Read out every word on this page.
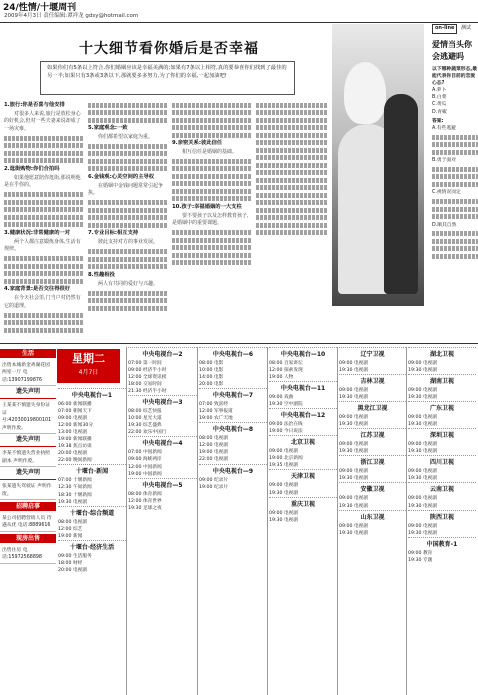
24/性情/十堰周刊
2009年4月3日 责任编辑:谭祥龙 gdsy@hotmail.com
十大细节看你婚后是否幸福
如果你们有5条以上符合,你们婚姻应该是幸福美满的;如果有7条以上相符,真的要恭喜你们找到了最佳的另一半;如果只有3条或3条以下,那就要多多努力,为了你们的幸福,一起加油吧!
1.旅行:你是否喜与他安排

对很多人来说,旅行是放松身心的好机会,但对一些夫妻来说却成了一场灾难。

2.逛街购物:你们合拍吗

如果他愿意陪你逛街,那说明他是在乎你的。

3.健康状况:非常健康的一对

两个人都注意锻炼身体,生活有规律。

4.家庭背景:是否交往得很好

在今天社会里,门当户对仍然有它的道理。

5.家庭观念:一致

你们都希望以家庭为重。

6.金钱观:心灵空间的主导权

在婚姻中金钱问题常常引起争执。

7.专业目标:相互支持

彼此支持对方的事业发展。

8.性趣相投

两人有共同的爱好与兴趣。

9.亲密关系:彼此信任

相互信任是婚姻的基础。

10.孩子:幸福婚姻的一大支柱

要不要孩子以及怎样教育孩子,是婚姻中的重要课题。

on-line 测试
爱情当头你会逃避吗
以下哪种蔬菜形态,最能代表你目前的恋爱心态?
A.萝卜
B.白菜
C.黄瓜
D.青椒
答案:
A.有些逃避
B.勇于面对
C.视情况而定
D.顺其自然
生活
出售本城新金鸡湖花园两室一厅 电话:13907199876
遗失声明
王某某不慎遗失身份证 证号:42030019800101 声明作废。
遗失声明
李某不慎遗失营业执照副本 声明作废。
遗失声明
张某遗失驾驶证 声明作废。
招聘启事
某公司招聘营销人员 待遇从优 电话:8889616
现房出售
出售住房 电话:15972568898
星期二
4月7日
中央电视台—1
06:00 新闻联播
07:00 朝闻天下
09:00 电视剧
12:00 新闻30分
13:00 电视剧
19:00 新闻联播
19:38 焦点访谈
20:00 电视剧
22:00 晚间新闻
十堰台·新闻
07:00 十堰新闻
12:30 午间新闻
18:30 十堰新闻
19:30 电视剧
十堰台·综合频道
08:00 电视剧
12:00 综艺
19:00 新闻
十堰台·经济生活
09:00 生活服务
18:00 财经
20:00 电视剧
中央电视台—2
07:00 第一时间
09:00 经济半小时
12:00 全球资讯榜
18:00 交易时间
21:30 经济半小时
中央电视台—3
08:00 综艺快报
10:00 星光大道
19:30 综艺盛典
22:00 欢乐中国行
中央电视台—4
07:00 中国新闻
09:00 海峡两岸
12:00 中国新闻
19:00 中国新闻
中央电视台—5
08:00 体育新闻
12:00 体育世界
19:30 足球之夜
中央电视台—6
08:00 电影
10:00 电影
14:00 电影
20:00 电影
中央电视台—7
07:00 致富经
12:00 军事报道
19:00 农广天地
中央电视台—8
08:00 电视剧
12:00 电视剧
19:00 电视剧
22:00 电视剧
中央电视台—9
09:00 纪录片
19:00 纪录片
中央电视台—10
08:00 百家讲坛
12:00 探索发现
19:00 人物
中央电视台—11
09:00 戏曲
19:30 空中剧院
中央电视台—12
09:00 法治在线
19:00 今日说法
北京卫视
09:00 电视剧
19:00 北京新闻
19:35 电视剧
天津卫视
09:00 电视剧
19:30 电视剧
重庆卫视
09:00 电视剧
19:30 电视剧
辽宁卫视
09:00 电视剧
19:30 电视剧
吉林卫视
09:00 电视剧
19:30 电视剧
黑龙江卫视
09:00 电视剧
19:30 电视剧
江苏卫视
09:00 电视剧
19:30 电视剧
浙江卫视
09:00 电视剧
19:30 电视剧
安徽卫视
09:00 电视剧
19:30 电视剧
山东卫视
09:00 电视剧
19:30 电视剧
湖北卫视
09:00 电视剧
19:30 电视剧
湖南卫视
09:00 电视剧
19:30 电视剧
广东卫视
09:00 电视剧
19:30 电视剧
深圳卫视
09:00 电视剧
19:30 电视剧
四川卫视
09:00 电视剧
19:30 电视剧
云南卫视
09:00 电视剧
19:30 电视剧
陕西卫视
09:00 电视剧
19:30 电视剧
中国教育-1
09:00 教育
19:30 专题
